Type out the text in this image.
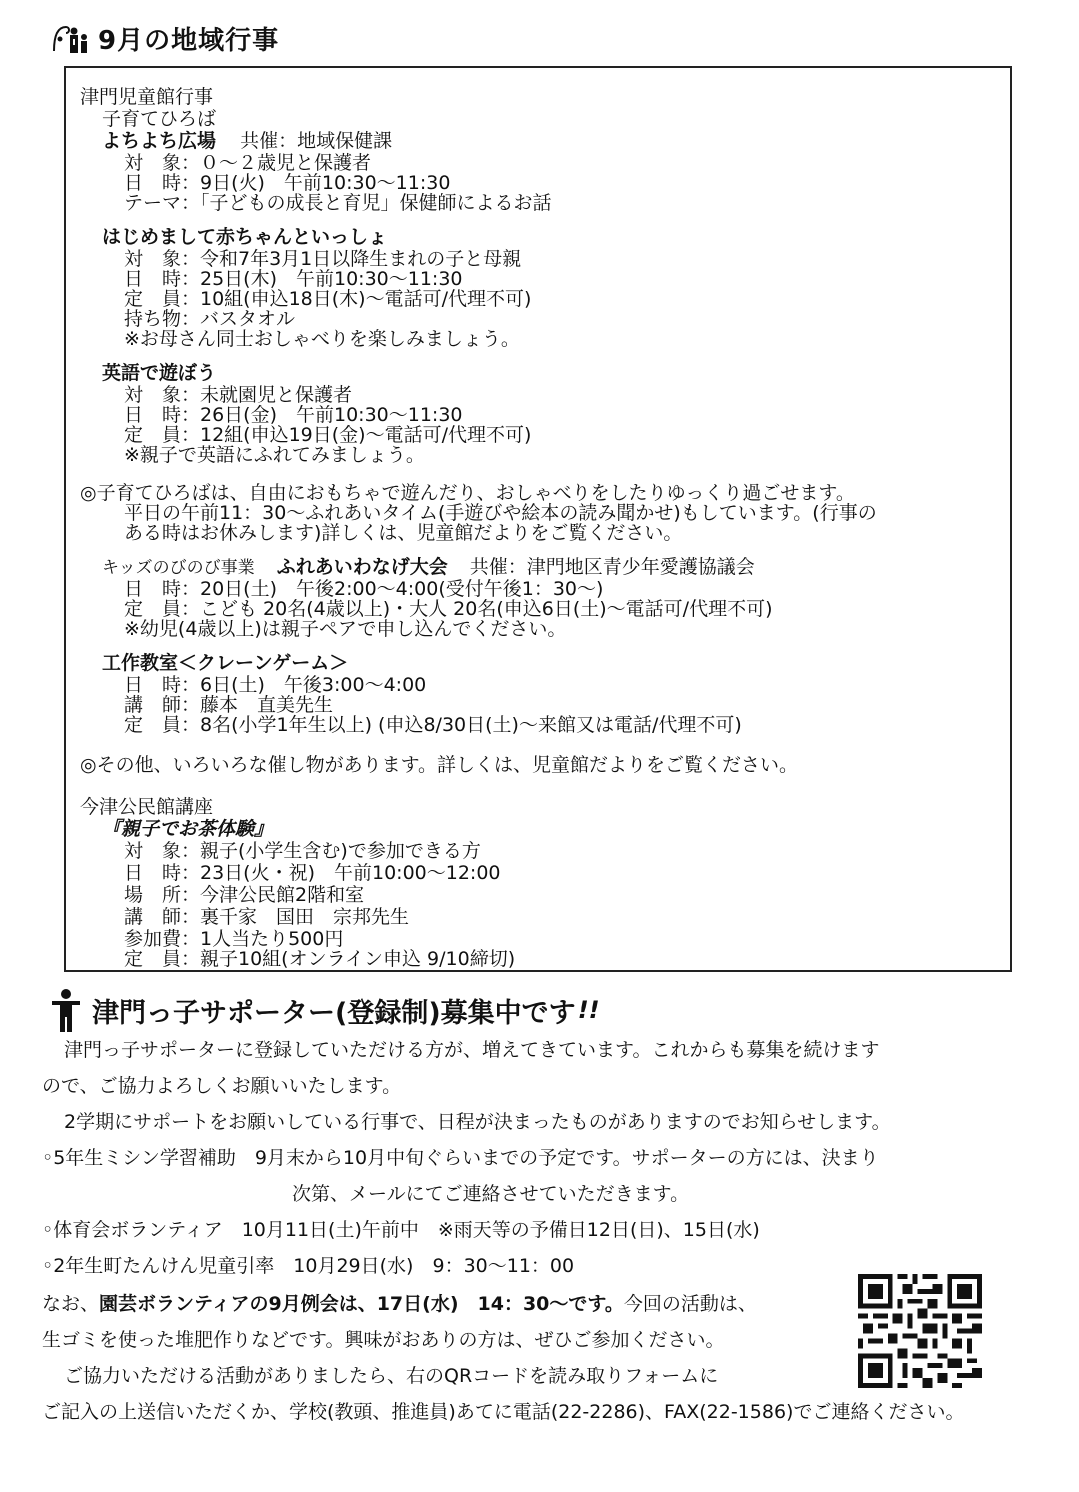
9月の地域行事
津門児童館行事
子育てひろば
よちよち広場 共催：地域保健課
対　象：０～２歳児と保護者
日　時：9日(火)　午前10:30～11:30
テーマ：「子どもの成長と育児」保健師によるお話
はじめまして赤ちゃんといっしょ
対　象：令和7年3月1日以降生まれの子と母親
日　時：25日(木)　午前10:30～11:30
定　員：10組(申込18日(木)～電話可/代理不可)
持ち物：バスタオル
※お母さん同士おしゃべりを楽しみましょう。
英語で遊ぼう
対　象：未就園児と保護者
日　時：26日(金)　午前10:30～11:30
定　員：12組(申込19日(金)～電話可/代理不可)
※親子で英語にふれてみましょう。
◎子育てひろばは、自由におもちゃで遊んだり、おしゃべりをしたりゆっくり過ごせます。
平日の午前11：30～ふれあいタイム(手遊びや絵本の読み聞かせ)もしています。(行事の
ある時はお休みします)詳しくは、児童館だよりをご覧ください。
キッズのびのび事業 ふれあいわなげ大会 共催：津門地区青少年愛護協議会
日　時：20日(土)　午後2:00～4:00(受付午後1：30～)
定　員：こども 20名(4歳以上)・大人 20名(申込6日(土)～電話可/代理不可)
※幼児(4歳以上)は親子ペアで申し込んでください。
工作教室＜クレーンゲーム＞
日　時：6日(土)　午後3:00～4:00
講　師：藤本　直美先生
定　員：8名(小学1年生以上) (申込8/30日(土)～来館又は電話/代理不可)
◎その他、いろいろな催し物があります。詳しくは、児童館だよりをご覧ください。
今津公民館講座
『親子でお茶体験』
対　象：親子(小学生含む)で参加できる方
日　時：23日(火・祝)　午前10:00～12:00
場　所：今津公民館2階和室
講　師：裏千家　国田　宗邦先生
参加費：1人当たり500円
定　員：親子10組(オンライン申込 9/10締切)
津門っ子サポーター(登録制)募集中です !!
津門っ子サポーターに登録していただける方が、増えてきています。これからも募集を続けます
ので、ご協力よろしくお願いいたします。
2学期にサポートをお願いしている行事で、日程が決まったものがありますのでお知らせします。
◦5年生ミシン学習補助　9月末から10月中旬ぐらいまでの予定です。サポーターの方には、決まり
次第、メールにてご連絡させていただきます。
◦体育会ボランティア　10月11日(土)午前中　※雨天等の予備日12日(日)、15日(水)
◦2年生町たんけん児童引率　10月29日(水)　9：30～11：00
なお、園芸ボランティアの9月例会は、17日(水)　14：30～です。今回の活動は、
生ゴミを使った堆肥作りなどです。興味がおありの方は、ぜひご参加ください。
ご協力いただける活動がありましたら、右のQRコードを読み取りフォームに
ご記入の上送信いただくか、学校(教頭、推進員)あてに電話(22-2286)、FAX(22-1586)でご連絡ください。
